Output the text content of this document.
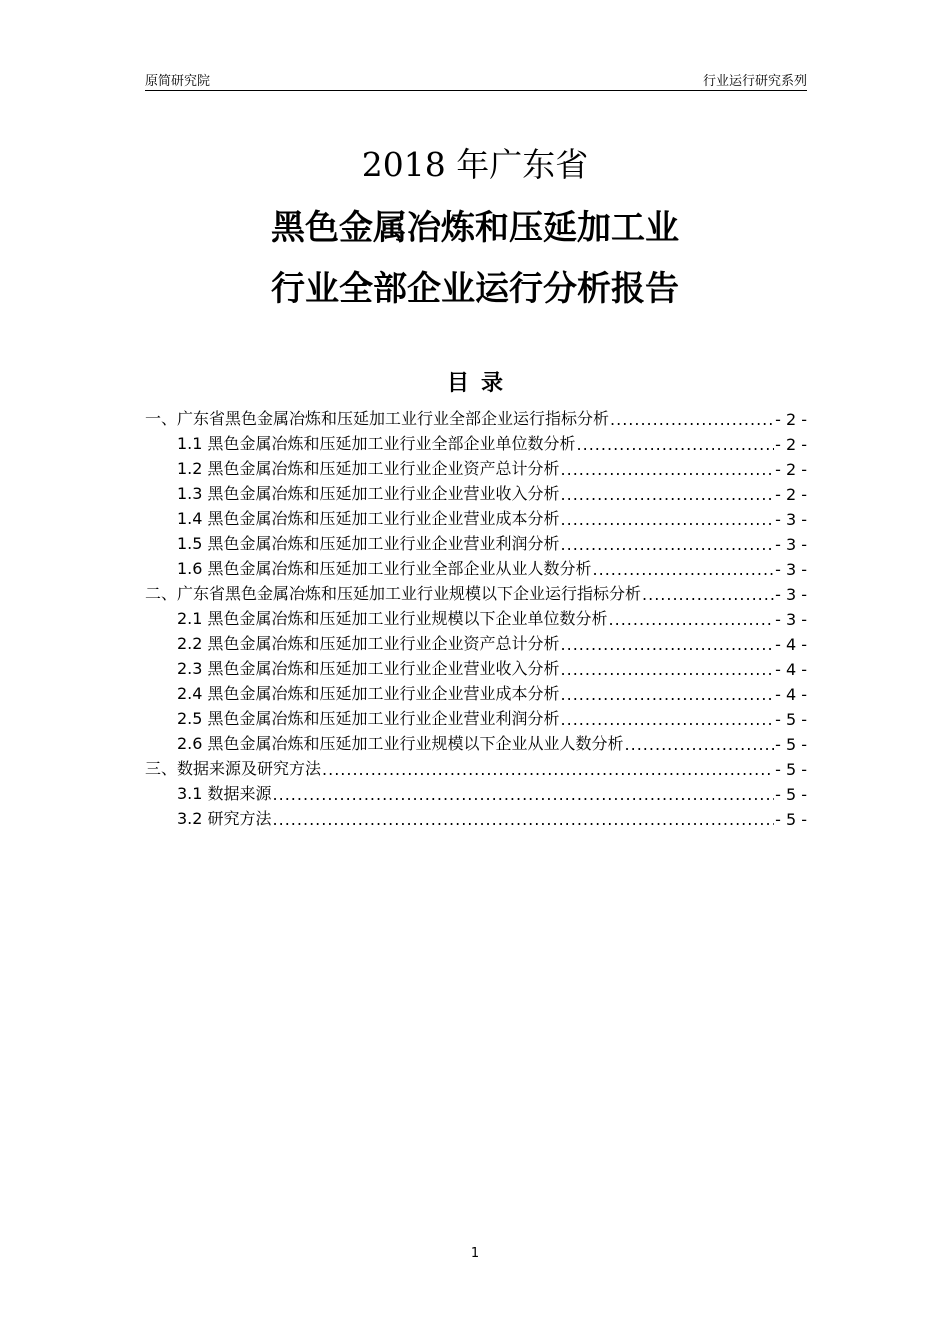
原简研究院	行业运行研究系列
2018 年广东省
黑色金属冶炼和压延加工业
行业全部企业运行分析报告
目录
一、广东省黑色金属冶炼和压延加工业行业全部企业运行指标分析 .....	- 2 -
1.1 黑色金属冶炼和压延加工业行业全部企业单位数分析 .....	- 2 -
1.2 黑色金属冶炼和压延加工业行业企业资产总计分析 .....	- 2 -
1.3 黑色金属冶炼和压延加工业行业企业营业收入分析 .....	- 2 -
1.4 黑色金属冶炼和压延加工业行业企业营业成本分析 .....	- 3 -
1.5 黑色金属冶炼和压延加工业行业企业营业利润分析 .....	- 3 -
1.6 黑色金属冶炼和压延加工业行业全部企业从业人数分析 .....	- 3 -
二、广东省黑色金属冶炼和压延加工业行业规模以下企业运行指标分析 .....	- 3 -
2.1 黑色金属冶炼和压延加工业行业规模以下企业单位数分析 .....	- 3 -
2.2 黑色金属冶炼和压延加工业行业企业资产总计分析 .....	- 4 -
2.3 黑色金属冶炼和压延加工业行业企业营业收入分析 .....	- 4 -
2.4 黑色金属冶炼和压延加工业行业企业营业成本分析 .....	- 4 -
2.5 黑色金属冶炼和压延加工业行业企业营业利润分析 .....	- 5 -
2.6 黑色金属冶炼和压延加工业行业规模以下企业从业人数分析 .....	- 5 -
三、数据来源及研究方法 .....	- 5 -
3.1 数据来源 .....	- 5 -
3.2 研究方法 .....	- 5 -
1
